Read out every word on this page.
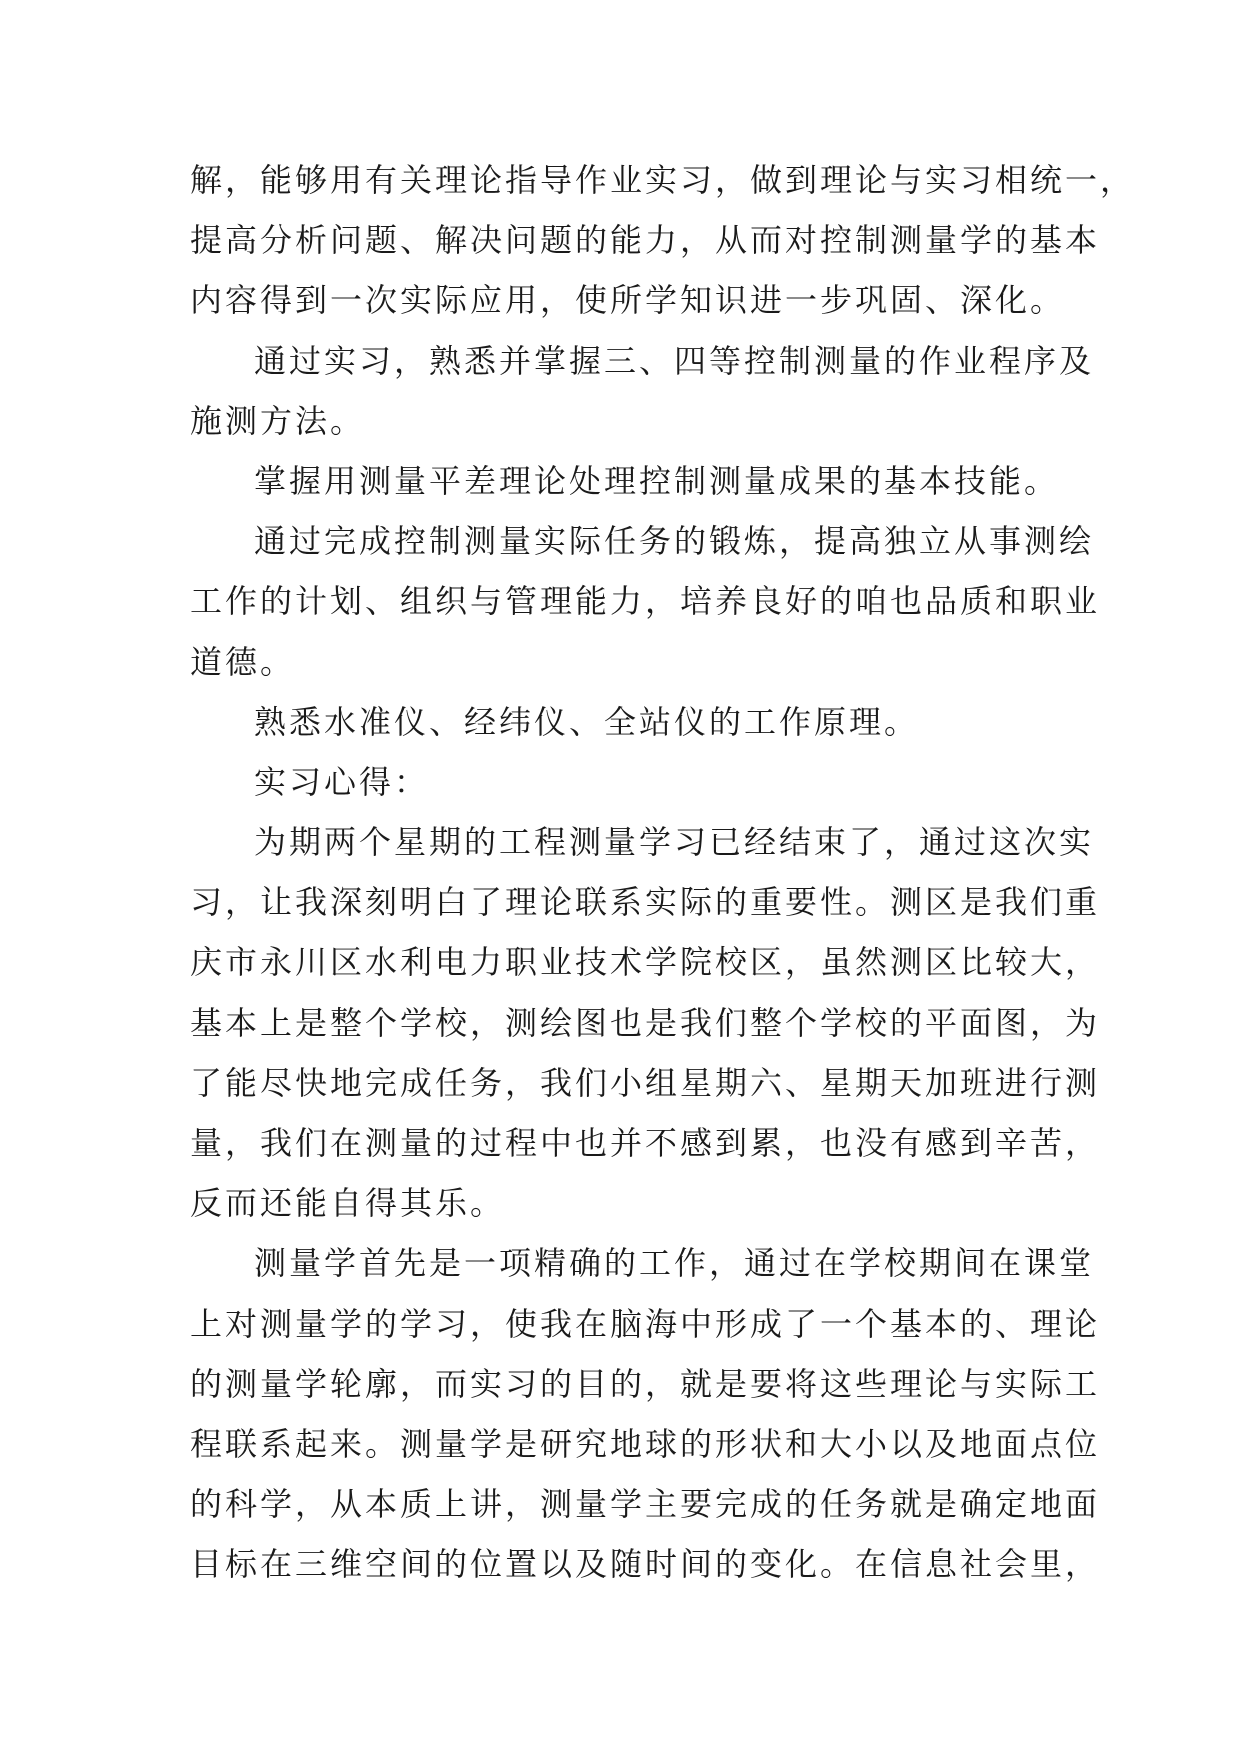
解，能够用有关理论指导作业实习，做到理论与实习相统一，
提高分析问题、解决问题的能力，从而对控制测量学的基本
内容得到一次实际应用，使所学知识进一步巩固、深化。
通过实习，熟悉并掌握三、四等控制测量的作业程序及
施测方法。
掌握用测量平差理论处理控制测量成果的基本技能。
通过完成控制测量实际任务的锻炼，提高独立从事测绘
工作的计划、组织与管理能力，培养良好的咱也品质和职业
道德。
熟悉水准仪、经纬仪、全站仪的工作原理。
实习心得：
为期两个星期的工程测量学习已经结束了，通过这次实
习，让我深刻明白了理论联系实际的重要性。测区是我们重
庆市永川区水利电力职业技术学院校区，虽然测区比较大，
基本上是整个学校，测绘图也是我们整个学校的平面图，为
了能尽快地完成任务，我们小组星期六、星期天加班进行测
量，我们在测量的过程中也并不感到累，也没有感到辛苦，
反而还能自得其乐。
测量学首先是一项精确的工作，通过在学校期间在课堂
上对测量学的学习，使我在脑海中形成了一个基本的、理论
的测量学轮廓，而实习的目的，就是要将这些理论与实际工
程联系起来。测量学是研究地球的形状和大小以及地面点位
的科学，从本质上讲，测量学主要完成的任务就是确定地面
目标在三维空间的位置以及随时间的变化。在信息社会里，
